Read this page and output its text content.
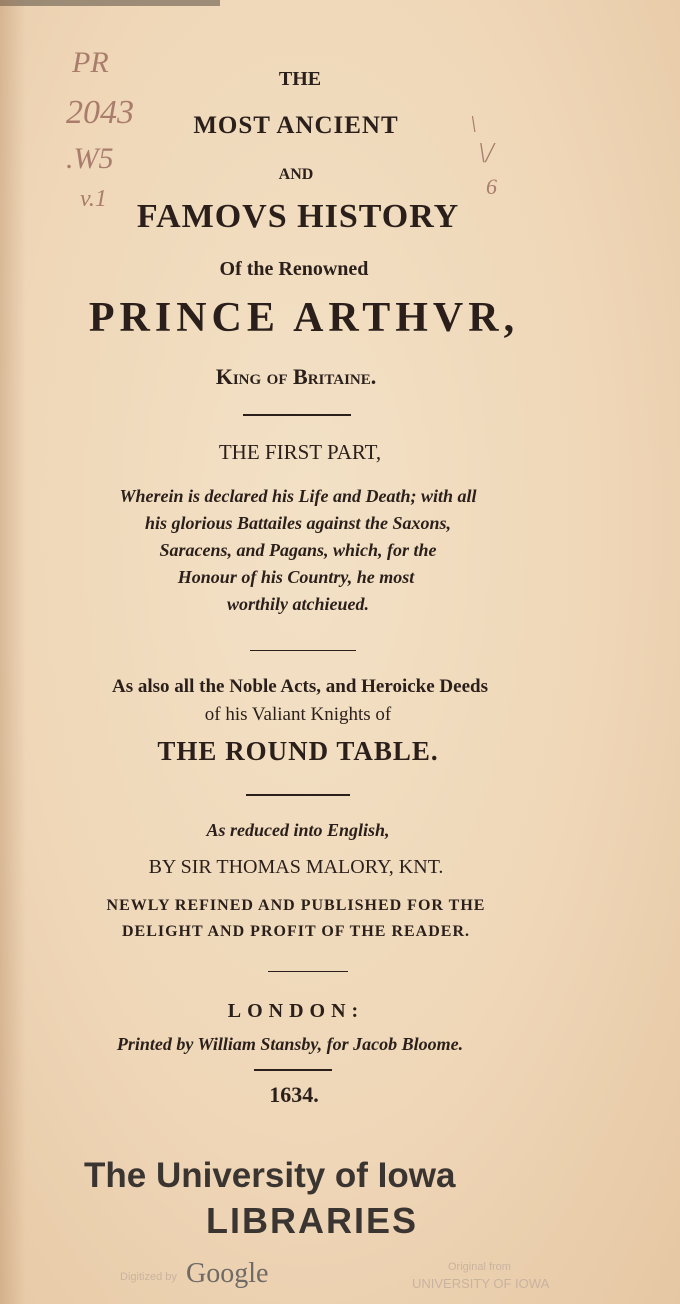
PR
2043
.W5
v.1
\
\/
6
THE
MOST ANCIENT
AND
FAMOVS HISTORY
Of the Renowned
PRINCE ARTHVR,
King of Britaine.
THE FIRST PART,
Wherein is declared his Life and Death; with all
his glorious Battailes against the Saxons,
Saracens, and Pagans, which, for the
Honour of his Country, he most
worthily atchieued.
As also all the Noble Acts, and Heroicke Deeds
of his Valiant Knights of
THE ROUND TABLE.
As reduced into English,
BY SIR THOMAS MALORY, KNT.
NEWLY REFINED AND PUBLISHED FOR THE
DELIGHT AND PROFIT OF THE READER.
LONDON:
Printed by William Stansby, for Jacob Bloome.
1634.
The University of Iowa
LIBRARIES
Digitized by Google	Original from
UNIVERSITY OF IOWA
